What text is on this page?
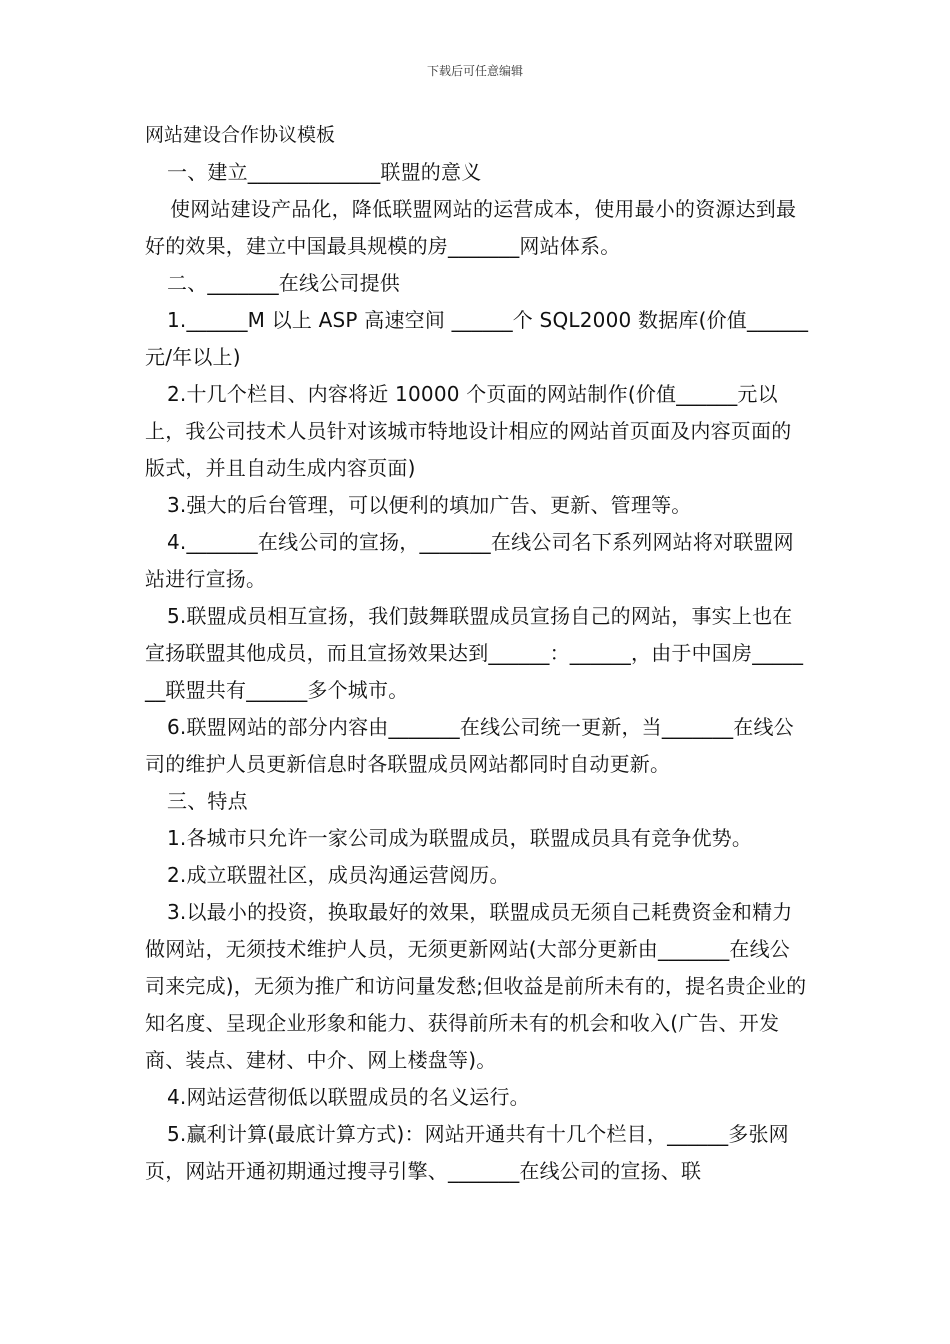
下载后可任意编辑
网站建设合作协议模板
一、建立_____________联盟的意义
使网站建设产品化，降低联盟网站的运营成本，使用最小的资源达到最好的效果，建立中国最具规模的房_______网站体系。
二、_______在线公司提供
1.______M 以上 ASP 高速空间 ______个 SQL2000 数据库(价值______元/年以上)
2.十几个栏目、内容将近 10000 个页面的网站制作(价值______元以上，我公司技术人员针对该城市特地设计相应的网站首页面及内容页面的版式，并且自动生成内容页面)
3.强大的后台管理，可以便利的填加广告、更新、管理等。
4._______在线公司的宣扬，_______在线公司名下系列网站将对联盟网站进行宣扬。
5.联盟成员相互宣扬，我们鼓舞联盟成员宣扬自己的网站，事实上也在宣扬联盟其他成员，而且宣扬效果达到______：______，由于中国房_______联盟共有______多个城市。
6.联盟网站的部分内容由_______在线公司统一更新，当_______在线公司的维护人员更新信息时各联盟成员网站都同时自动更新。
三、特点
1.各城市只允许一家公司成为联盟成员，联盟成员具有竞争优势。
2.成立联盟社区，成员沟通运营阅历。
3.以最小的投资，换取最好的效果，联盟成员无须自己耗费资金和精力做网站，无须技术维护人员，无须更新网站(大部分更新由_______在线公司来完成)，无须为推广和访问量发愁;但收益是前所未有的，提名贵企业的知名度、呈现企业形象和能力、获得前所未有的机会和收入(广告、开发商、装点、建材、中介、网上楼盘等)。
4.网站运营彻低以联盟成员的名义运行。
5.赢利计算(最底计算方式)：网站开通共有十几个栏目，______多张网页，网站开通初期通过搜寻引擎、_______在线公司的宣扬、联
